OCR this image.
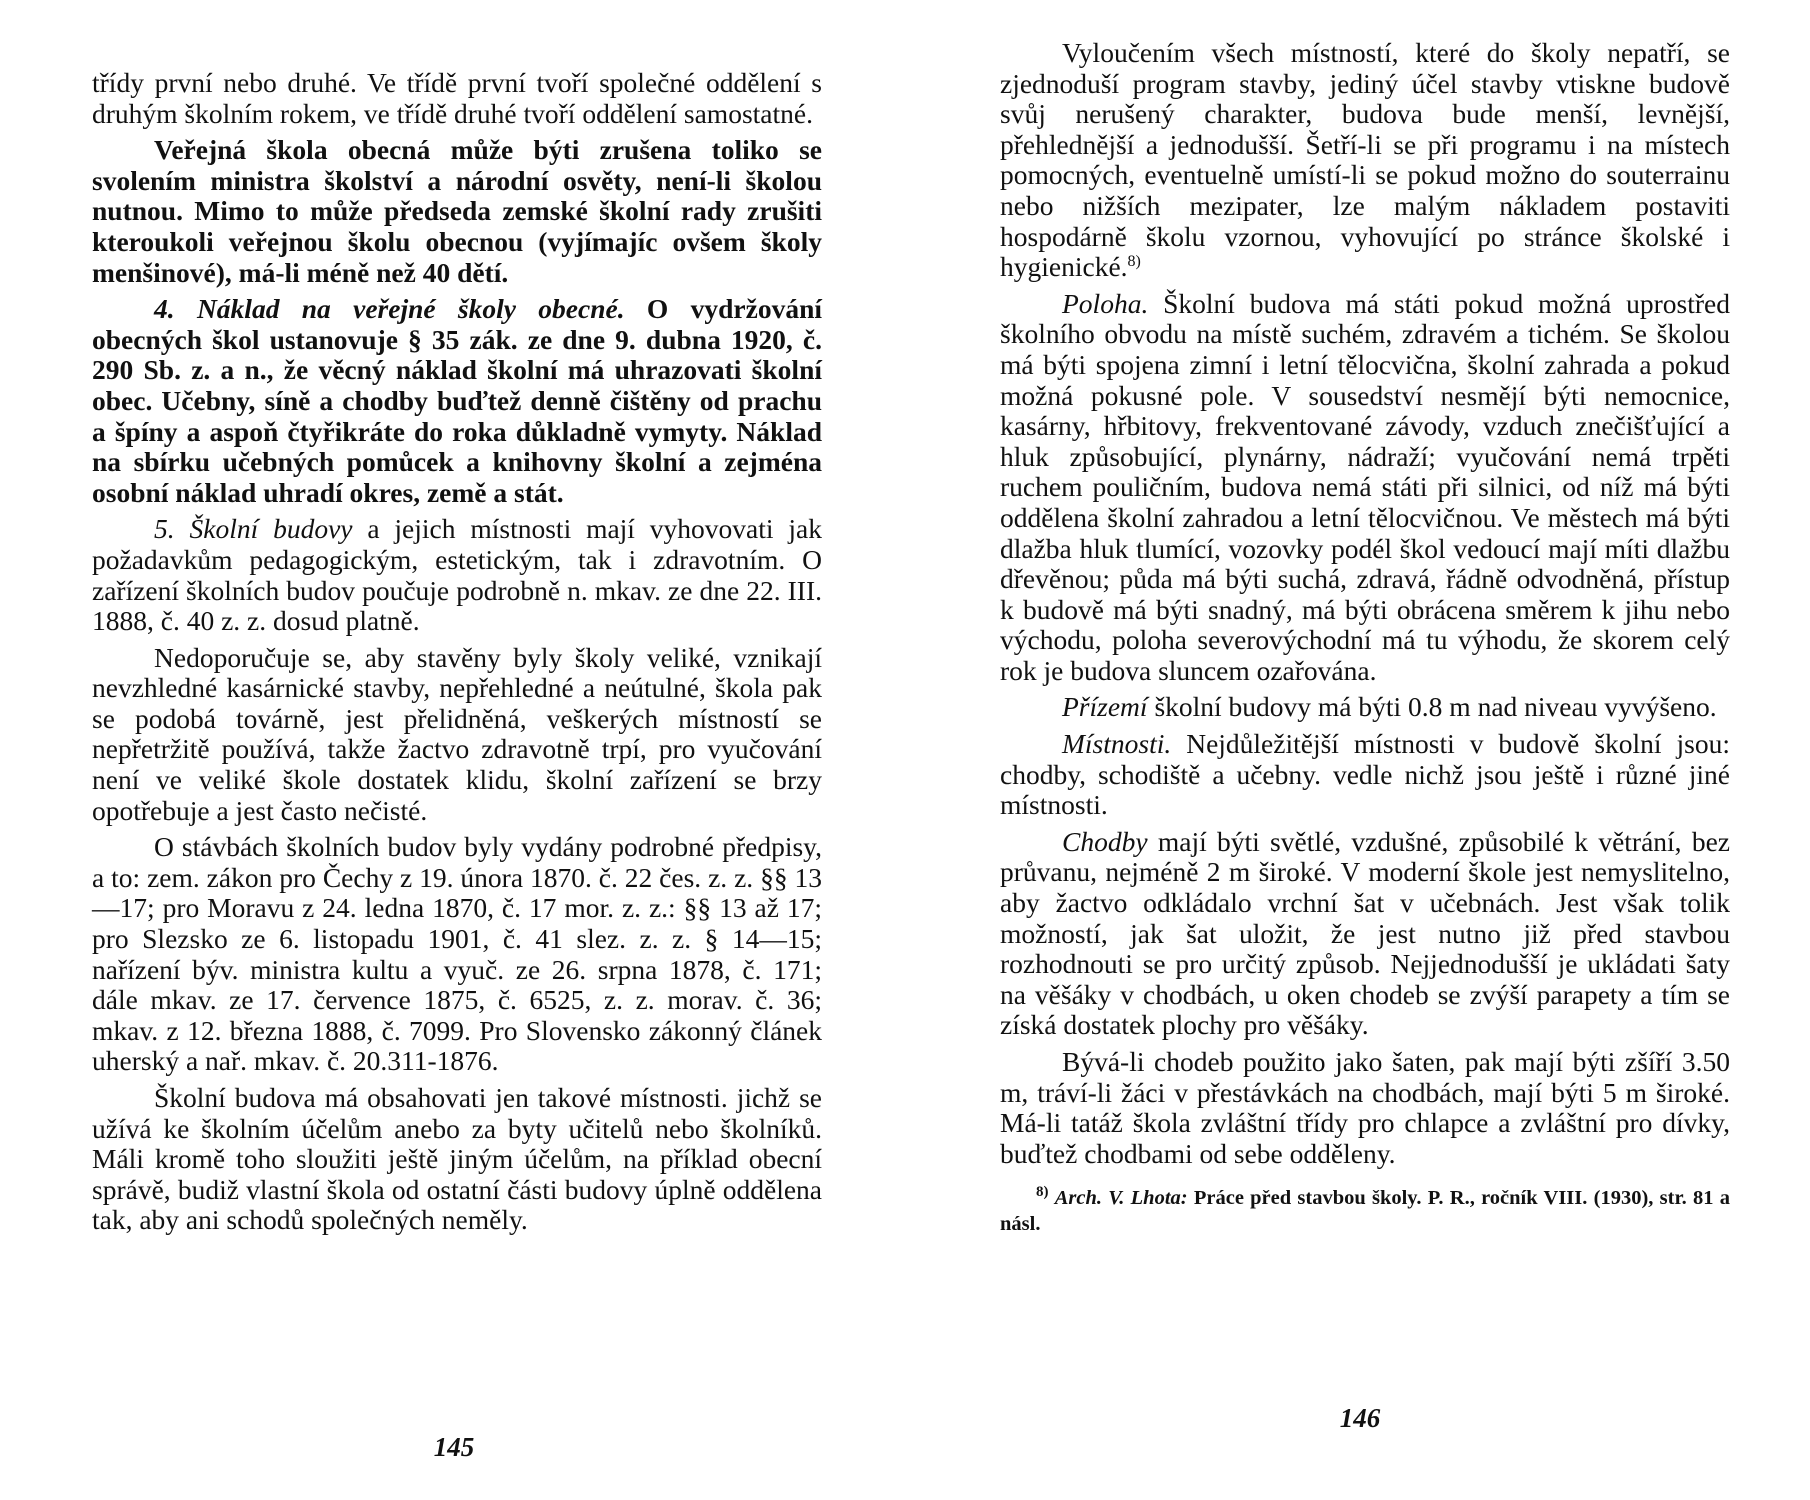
třídy první nebo druhé. Ve třídě první tvoří společné oddělení s druhým školním rokem, ve třídě druhé tvoří oddělení samostatné.

Veřejná škola obecná může býti zrušena toliko se svolením ministra školství a národní osvěty, není-li školou nutnou. Mimo to může předseda zemské školní rady zrušiti kteroukoli veřejnou školu obecnou (vyjímajíc ovšem školy menšinové), má-li méně než 40 dětí.

4. Náklad na veřejné školy obecné. O vydržování obecných škol ustanovuje § 35 zák. ze dne 9. dubna 1920, č. 290 Sb. z. a n., že věcný náklad školní má uhrazovati školní obec. Učebny, síně a chodby buďtež denně čištěny od prachu a špíny a aspoň čtyřikráte do roka důkladně vymyty. Náklad na sbírku učebných pomůcek a knihovny školní a zejména osobní náklad uhradí okres, země a stát.

5. Školní budovy a jejich místnosti mají vyhovovati jak požadavkům pedagogickým, estetickým, tak i zdravotním. O zařízení školních budov poučuje podrobně n. mkav. ze dne 22. III. 1888, č. 40 z. z. dosud platně.

Nedoporučuje se, aby stavěny byly školy veliké, vznikají nevzhledné kasárnické stavby, nepřehledné a neútulné, škola pak se podobá továrně, jest přelidněná, veškerých místností se nepřetržitě používá, takže žactvo zdravotně trpí, pro vyučování není ve veliké škole dostatek klidu, školní zařízení se brzy opotřebuje a jest často nečisté.

O stávbách školních budov byly vydány podrobné předpisy, a to: zem. zákon pro Čechy z 19. února 1870. č. 22 čes. z. z. §§ 13—17; pro Moravu z 24. ledna 1870, č. 17 mor. z. z.: §§ 13 až 17; pro Slezsko ze 6. listopadu 1901, č. 41 slez. z. z. § 14—15; nařízení býv. ministra kultu a vyuč. ze 26. srpna 1878, č. 171; dále mkav. ze 17. července 1875, č. 6525, z. z. morav. č. 36; mkav. z 12. března 1888, č. 7099. Pro Slovensko zákonný článek uherský a nař. mkav. č. 20.311-1876.

Školní budova má obsahovati jen takové místnosti. jichž se užívá ke školním účelům anebo za byty učitelů nebo školníků. Máli kromě toho sloužiti ještě jiným účelům, na příklad obecní správě, budiž vlastní škola od ostatní části budovy úplně oddělena tak, aby ani schodů společných neměly.

145

Vyloučením všech místností, které do školy nepatří, se zjednoduší program stavby, jediný účel stavby vtiskne budově svůj nerušený charakter, budova bude menší, levnější, přehlednější a jednodušší. Šetří-li se při programu i na místech pomocných, eventuelně umístí-li se pokud možno do souterrainu nebo nižších mezipater, lze malým nákladem postaviti hospodárně školu vzornou, vyhovující po stránce školské i hygienické.$^{8)}$

Poloha. Školní budova má státi pokud možná uprostřed školního obvodu na místě suchém, zdravém a tichém. Se školou má býti spojena zimní i letní tělocvična, školní zahrada a pokud možná pokusné pole. V sousedství nesmějí býti nemocnice, kasárny, hřbitovy, frekventované závody, vzduch znečišťující a hluk způsobující, plynárny, nádraží; vyučování nemá trpěti ruchem pouličním, budova nemá státi při silnici, od níž má býti oddělena školní zahradou a letní tělocvičnou. Ve městech má býti dlažba hluk tlumící, vozovky podél škol vedoucí mají míti dlažbu dřevěnou; půda má býti suchá, zdravá, řádně odvodněná, přístup k budově má býti snadný, má býti obrácena směrem k jihu nebo východu, poloha severovýchodní má tu výhodu, že skorem celý rok je budova sluncem ozařována.

Přízemí školní budovy má býti 0.8 m nad niveau vyvýšeno.

Místnosti. Nejdůležitější místnosti v budově školní jsou: chodby, schodiště a učebny. vedle nichž jsou ještě i různé jiné místnosti.

Chodby mají býti světlé, vzdušné, způsobilé k větrání, bez průvanu, nejméně 2 m široké. V moderní škole jest nemyslitelno, aby žactvo odkládalo vrchní šat v učebnách. Jest však tolik možností, jak šat uložit, že jest nutno již před stavbou rozhodnouti se pro určitý způsob. Nejjednodušší je ukládati šaty na věšáky v chodbách, u oken chodeb se zvýší parapety a tím se získá dostatek plochy pro věšáky.

Bývá-li chodeb použito jako šaten, pak mají býti zšíří 3.50 m, tráví-li žáci v přestávkách na chodbách, mají býti 5 m široké. Má-li tatáž škola zvláštní třídy pro chlapce a zvláštní pro dívky, buďtež chodbami od sebe odděleny.

$^{8)}$ Arch. V. Lhota: Práce před stavbou školy. P. R., ročník VIII. (1930), str. 81 a násl.

146
